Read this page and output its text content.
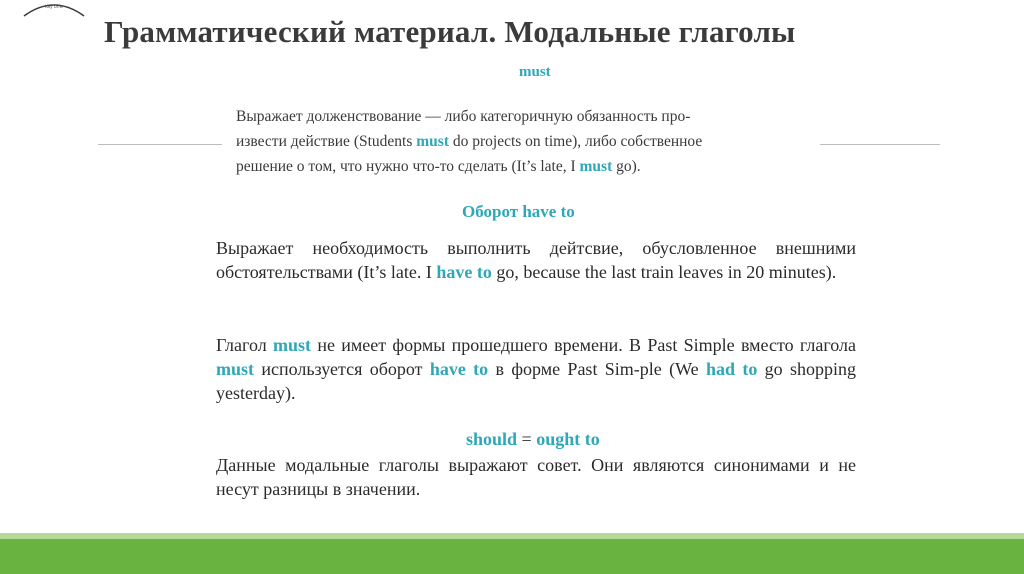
— Key Offer —
Грамматический материал. Модальные глаголы
must
Выражает долженствование — либо категоричную обязанность про-
извести действие (Students must do projects on time), либо собственное
решение о том, что нужно что-то сделать (It’s late, I must go).
Оборот have to
Выражает необходимость выполнить дейтсвие, обусловленное внешними обстоятельствами (It’s late. I have to go, because the last train leaves in 20 minutes).
Глагол must не имеет формы прошедшего времени. В Past Simple вместо глагола must используется оборот have to в форме Past Sim-ple (We had to go shopping yesterday).
should = ought to
Данные модальные глаголы выражают совет. Они являются синонимами и не несут разницы в значении.
